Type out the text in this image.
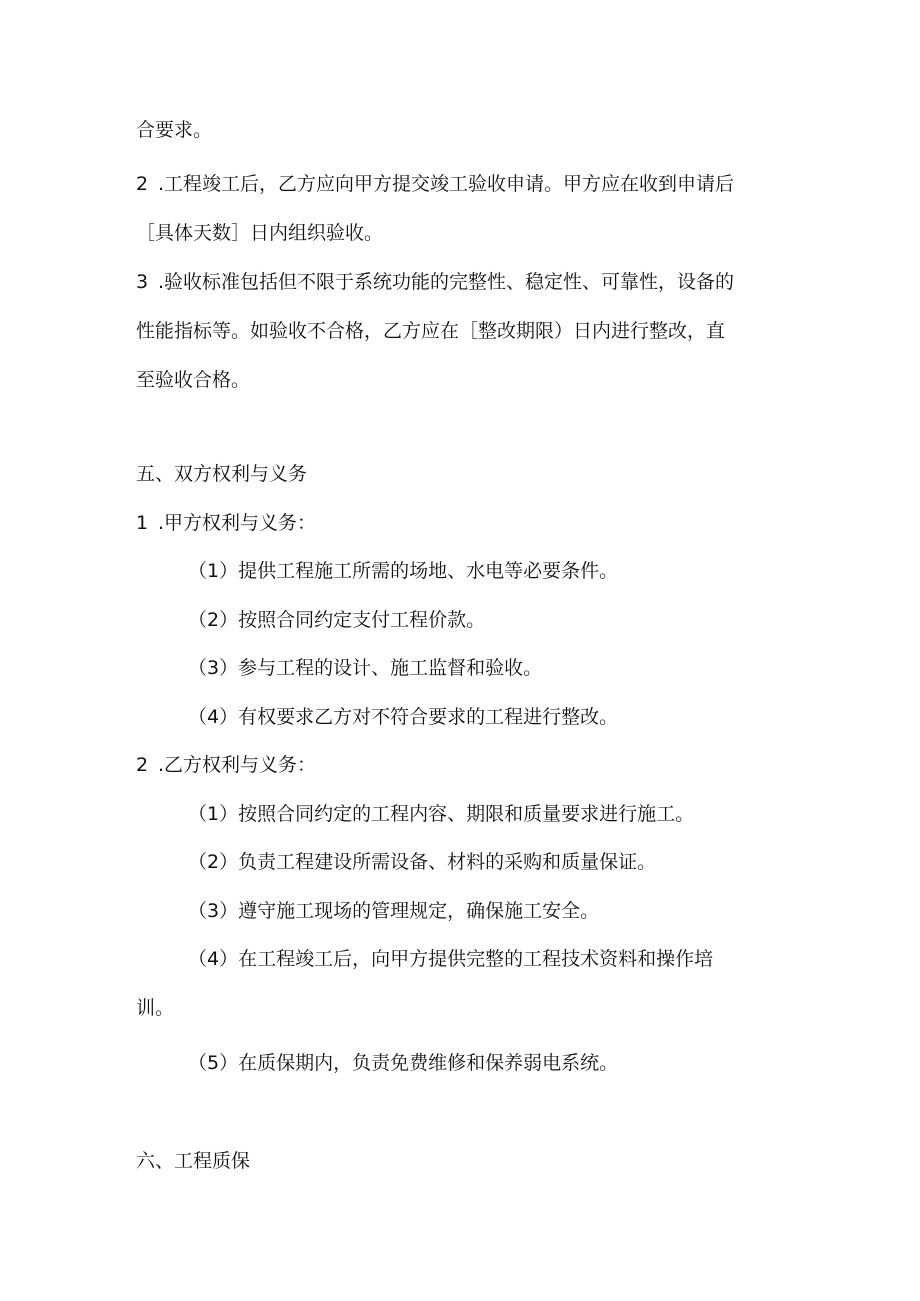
合要求。
2 .工程竣工后，乙方应向甲方提交竣工验收申请。甲方应在收到申请后
［具体天数］日内组织验收。
3 .验收标准包括但不限于系统功能的完整性、稳定性、可靠性，设备的
性能指标等。如验收不合格，乙方应在［整改期限）日内进行整改，直
至验收合格。
五、双方权利与义务
1 .甲方权利与义务：
（1）提供工程施工所需的场地、水电等必要条件。
（2）按照合同约定支付工程价款。
（3）参与工程的设计、施工监督和验收。
（4）有权要求乙方对不符合要求的工程进行整改。
2 .乙方权利与义务：
（1）按照合同约定的工程内容、期限和质量要求进行施工。
（2）负责工程建设所需设备、材料的采购和质量保证。
（3）遵守施工现场的管理规定，确保施工安全。
（4）在工程竣工后，向甲方提供完整的工程技术资料和操作培
训。
（5）在质保期内，负责免费维修和保养弱电系统。
六、工程质保
